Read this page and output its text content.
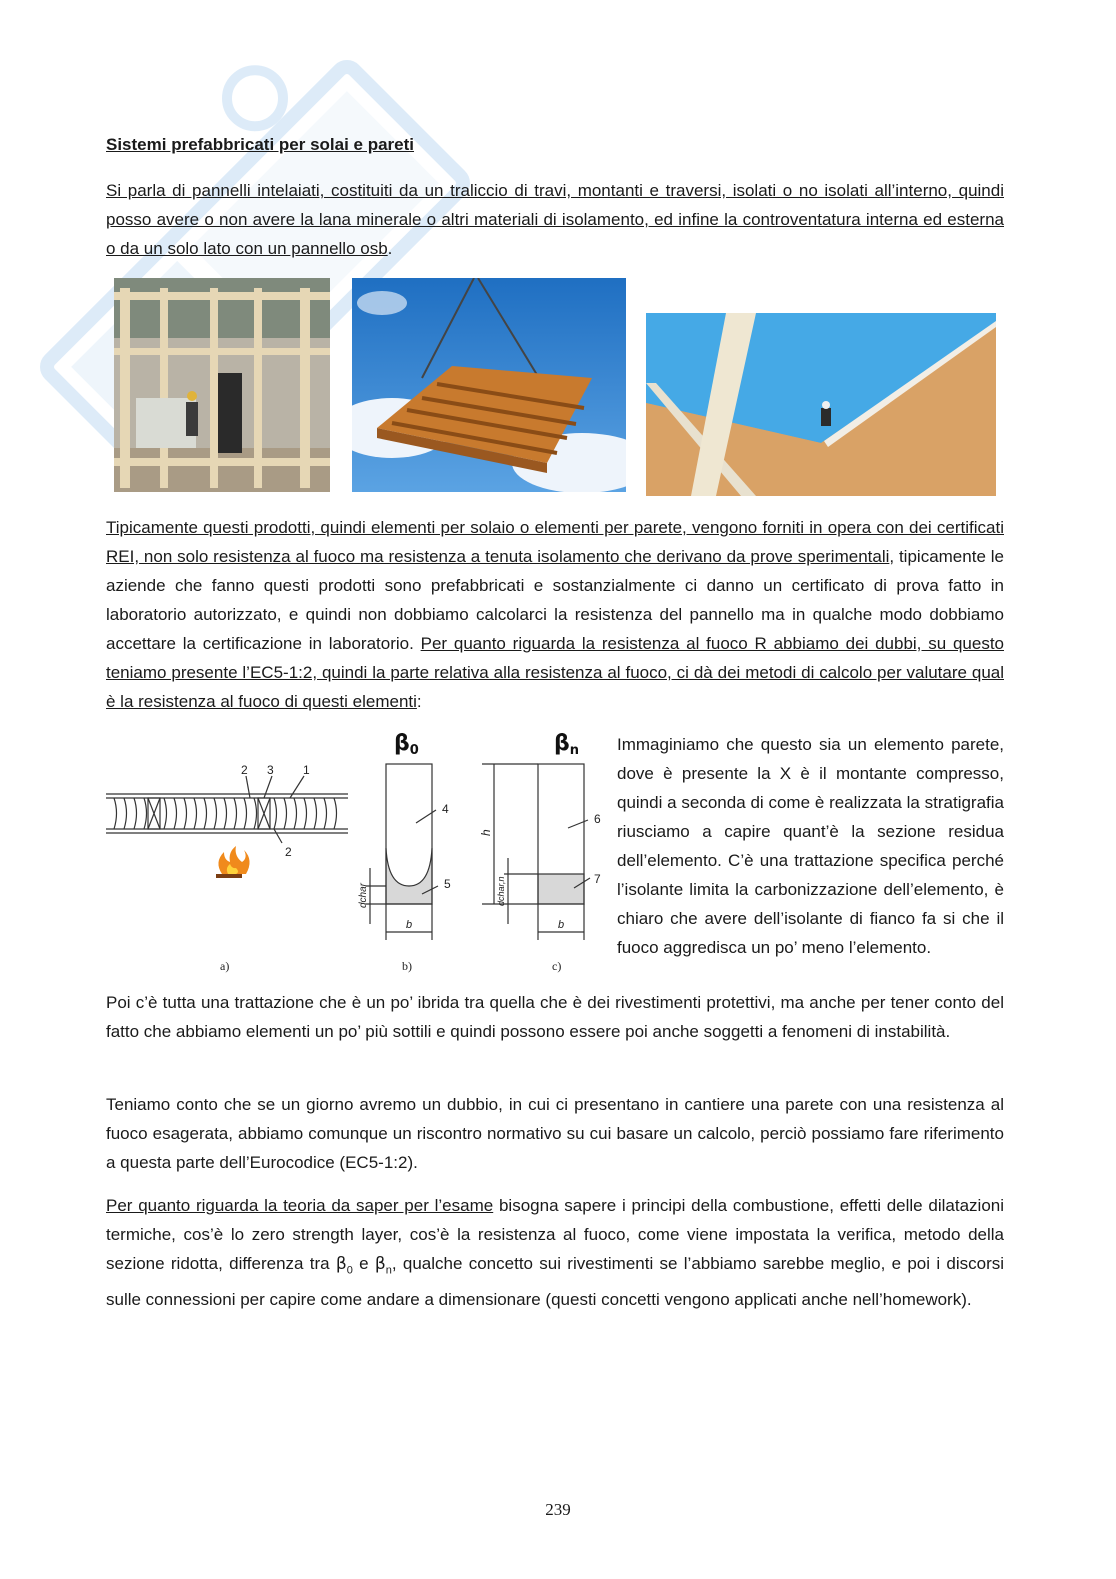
Sistemi prefabbricati per solai e pareti

Si parla di pannelli intelaiati, costituiti da un traliccio di travi, montanti e traversi, isolati o no isolati all’interno, quindi posso avere o non avere la lana minerale o altri materiali di isolamento, ed infine la controventatura interna ed esterna o da un solo lato con un pannello osb.

Tipicamente questi prodotti, quindi elementi per solaio o elementi per parete, vengono forniti in opera con dei certificati REI, non solo resistenza al fuoco ma resistenza a tenuta isolamento che derivano da prove sperimentali, tipicamente le aziende che fanno questi prodotti sono prefabbricati e sostanzialmente ci danno un certificato di prova fatto in laboratorio autorizzato, e quindi non dobbiamo calcolarci la resistenza del pannello ma in qualche modo dobbiamo accettare la certificazione in laboratorio. Per quanto riguarda la resistenza al fuoco R abbiamo dei dubbi, su questo teniamo presente l’EC5-1:2, quindi la parte relativa alla resistenza al fuoco, ci dà dei metodi di calcolo per valutare qual è la resistenza al fuoco di questi elementi:

2 3 1
2
β0
4
5
dchar
b
βn
6
7
h
dchar,n
b
a)	b)	c)

Immaginiamo che questo sia un elemento parete, dove è presente la X è il montante compresso, quindi a seconda di come è realizzata la stratigrafia riusciamo a capire quant’è la sezione residua dell’elemento. C’è una trattazione specifica perché l’isolante limita la carbonizzazione dell’elemento, è chiaro che avere dell’isolante di fianco fa si che il fuoco aggredisca un po’ meno l’elemento.

Poi c’è tutta una trattazione che è un po’ ibrida tra quella che è dei rivestimenti protettivi, ma anche per tener conto del fatto che abbiamo elementi un po’ più sottili e quindi possono essere poi anche soggetti a fenomeni di instabilità.

Teniamo conto che se un giorno avremo un dubbio, in cui ci presentano in cantiere una parete con una resistenza al fuoco esagerata, abbiamo comunque un riscontro normativo su cui basare un calcolo, perciò possiamo fare riferimento a questa parte dell’Eurocodice (EC5-1:2).

Per quanto riguarda la teoria da saper per l’esame bisogna sapere i principi della combustione, effetti delle dilatazioni termiche, cos’è lo zero strength layer, cos’è la resistenza al fuoco, come viene impostata la verifica, metodo della sezione ridotta, differenza tra $\beta_0$ e $\beta_n$, qualche concetto sui rivestimenti se l’abbiamo sarebbe meglio, e poi i discorsi sulle connessioni per capire come andare a dimensionare (questi concetti vengono applicati anche nell’homework).

239
